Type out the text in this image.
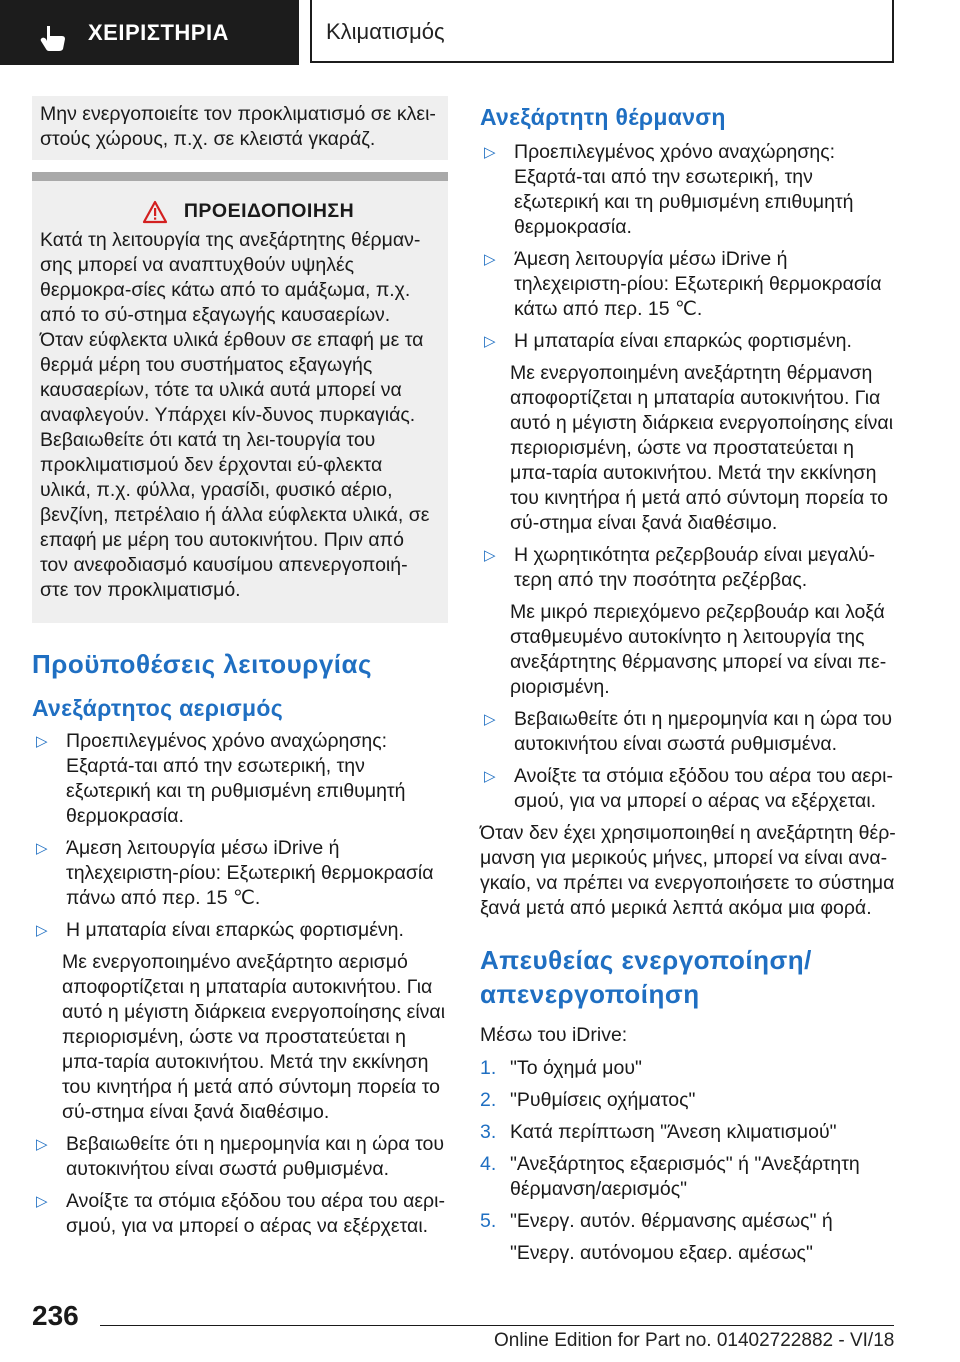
ΧΕΙΡΙΣΤΗΡΙΑ	Κλιματισμός
Μην ενεργοποιείτε τον προκλιματισμό σε κλει-στούς χώρους, π.χ. σε κλειστά γκαράζ.
ΠΡΟΕΙΔΟΠΟΙΗΣΗ
Κατά τη λειτουργία της ανεξάρτητης θέρμαν-σης μπορεί να αναπτυχθούν υψηλές θερμοκρα-σίες κάτω από το αμάξωμα, π.χ. από το σύ-στημα εξαγωγής καυσαερίων. Όταν εύφλεκτα υλικά έρθουν σε επαφή με τα θερμά μέρη του συστήματος εξαγωγής καυσαερίων, τότε τα υλικά αυτά μπορεί να αναφλεγούν. Υπάρχει κίν-δυνος πυρκαγιάς. Βεβαιωθείτε ότι κατά τη λει-τουργία του προκλιματισμού δεν έρχονται εύ-φλεκτα υλικά, π.χ. φύλλα, γρασίδι, φυσικό αέριο, βενζίνη, πετρέλαιο ή άλλα εύφλεκτα υλικά, σε επαφή με μέρη του αυτοκινήτου. Πριν από τον ανεφοδιασμό καυσίμου απενεργοποιή-στε τον προκλιματισμό.
Προϋποθέσεις λειτουργίας
Ανεξάρτητος αερισμός
▷ Προεπιλεγμένος χρόνο αναχώρησης: Εξαρτά-ται από την εσωτερική, την εξωτερική και τη ρυθμισμένη επιθυμητή θερμοκρασία.
▷ Άμεση λειτουργία μέσω iDrive ή τηλεχειριστη-ρίου: Εξωτερική θερμοκρασία πάνω από περ. 15 ℃.
▷ Η μπαταρία είναι επαρκώς φορτισμένη.

Με ενεργοποιημένο ανεξάρτητο αερισμό αποφορτίζεται η μπαταρία αυτοκινήτου. Για αυτό η μέγιστη διάρκεια ενεργοποίησης είναι περιορισμένη, ώστε να προστατεύεται η μπα-ταρία αυτοκινήτου. Μετά την εκκίνηση του κινητήρα ή μετά από σύντομη πορεία το σύ-στημα είναι ξανά διαθέσιμο.

▷ Βεβαιωθείτε ότι η ημερομηνία και η ώρα του αυτοκινήτου είναι σωστά ρυθμισμένα.
▷ Ανοίξτε τα στόμια εξόδου του αέρα του αερι-σμού, για να μπορεί ο αέρας να εξέρχεται.
Ανεξάρτητη θέρμανση
▷ Προεπιλεγμένος χρόνο αναχώρησης: Εξαρτά-ται από την εσωτερική, την εξωτερική και τη ρυθμισμένη επιθυμητή θερμοκρασία.
▷ Άμεση λειτουργία μέσω iDrive ή τηλεχειριστη-ρίου: Εξωτερική θερμοκρασία κάτω από περ. 15 ℃.
▷ Η μπαταρία είναι επαρκώς φορτισμένη.

Με ενεργοποιημένη ανεξάρτητη θέρμανση αποφορτίζεται η μπαταρία αυτοκινήτου. Για αυτό η μέγιστη διάρκεια ενεργοποίησης είναι περιορισμένη, ώστε να προστατεύεται η μπα-ταρία αυτοκινήτου. Μετά την εκκίνηση του κινητήρα ή μετά από σύντομη πορεία το σύ-στημα είναι ξανά διαθέσιμο.

▷ Η χωρητικότητα ρεζερβουάρ είναι μεγαλύ-τερη από την ποσότητα ρεζέρβας.

Με μικρό περιεχόμενο ρεζερβουάρ και λοξά σταθμευμένο αυτοκίνητο η λειτουργία της ανεξάρτητης θέρμανσης μπορεί να είναι πε-ριορισμένη.

▷ Βεβαιωθείτε ότι η ημερομηνία και η ώρα του αυτοκινήτου είναι σωστά ρυθμισμένα.
▷ Ανοίξτε τα στόμια εξόδου του αέρα του αερι-σμού, για να μπορεί ο αέρας να εξέρχεται.

Όταν δεν έχει χρησιμοποιηθεί η ανεξάρτητη θέρ-μανση για μερικούς μήνες, μπορεί να είναι ανα-γκαίο, να πρέπει να ενεργοποιήσετε το σύστημα ξανά μετά από μερικά λεπτά ακόμα μια φορά.

Απευθείας ενεργοποίηση/απενεργοποίηση

Μέσω του iDrive:

1. "Το όχημά μου"
2. "Ρυθμίσεις οχήματος"
3. Κατά περίπτωση "Άνεση κλιματισμού"
4. "Ανεξάρτητος εξαερισμός" ή "Ανεξάρτητη θέρμανση/αερισμός"
5. "Ενεργ. αυτόν. θέρμανσης αμέσως" ή

"Ενεργ. αυτόνομου εξαερ. αμέσως"

236
Online Edition for Part no. 01402722882 - VI/18
